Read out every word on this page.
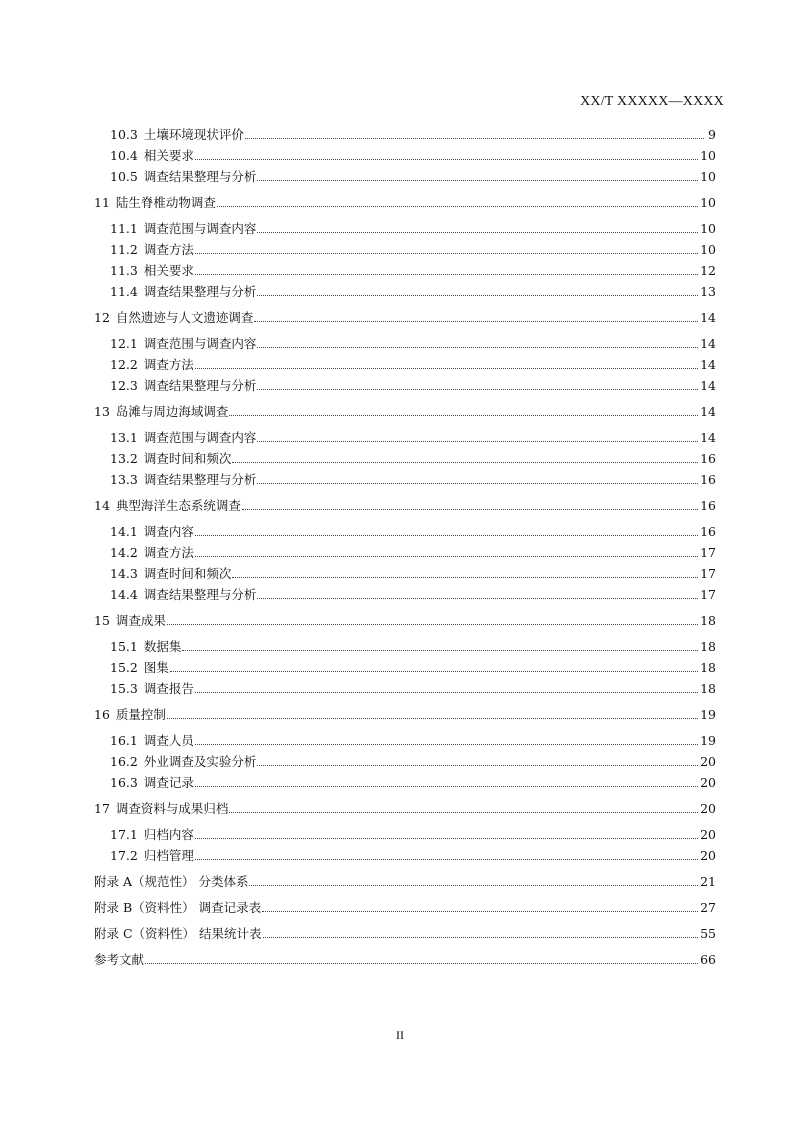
XX/T XXXXX—XXXX
10.3 土壤环境现状评价	9
10.4 相关要求	10
10.5 调查结果整理与分析	10
11 陆生脊椎动物调查	10
11.1 调查范围与调查内容	10
11.2 调查方法	10
11.3 相关要求	12
11.4 调查结果整理与分析	13
12 自然遗迹与人文遗迹调查	14
12.1 调查范围与调查内容	14
12.2 调查方法	14
12.3 调查结果整理与分析	14
13 岛滩与周边海域调查	14
13.1 调查范围与调查内容	14
13.2 调查时间和频次	16
13.3 调查结果整理与分析	16
14 典型海洋生态系统调查	16
14.1 调查内容	16
14.2 调查方法	17
14.3 调查时间和频次	17
14.4 调查结果整理与分析	17
15 调查成果	18
15.1 数据集	18
15.2 图集	18
15.3 调查报告	18
16 质量控制	19
16.1 调查人员	19
16.2 外业调查及实验分析	20
16.3 调查记录	20
17 调查资料与成果归档	20
17.1 归档内容	20
17.2 归档管理	20
附录 A（规范性） 分类体系	21
附录 B（资料性） 调查记录表	27
附录 C（资料性） 结果统计表	55
参考文献	66
II
